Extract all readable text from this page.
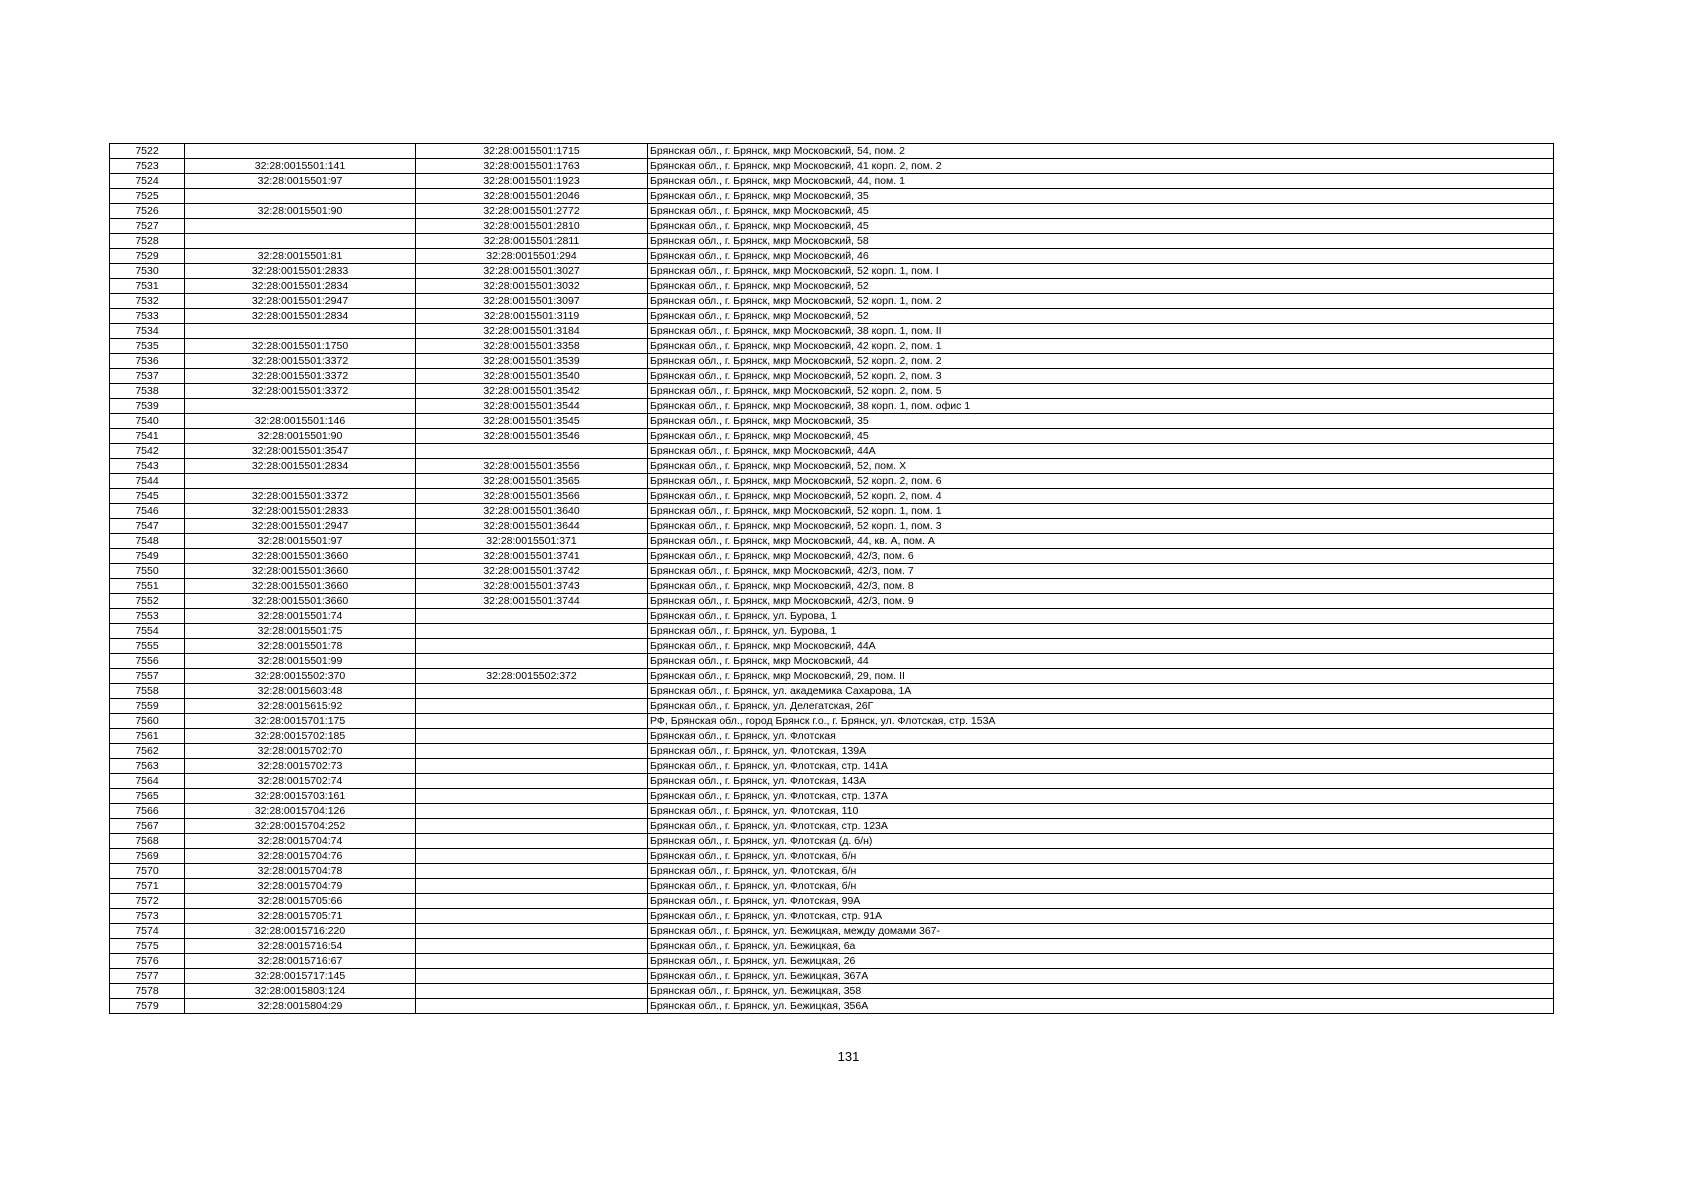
7522		32:28:0015501:1715	Брянская обл., г. Брянск, мкр Московский, 54, пом. 2
7523	32:28:0015501:141	32:28:0015501:1763	Брянская обл., г. Брянск, мкр Московский, 41 корп. 2, пом. 2
7524	32:28:0015501:97	32:28:0015501:1923	Брянская обл., г. Брянск, мкр Московский, 44, пом. 1
7525		32:28:0015501:2046	Брянская обл., г. Брянск, мкр Московский, 35
7526	32:28:0015501:90	32:28:0015501:2772	Брянская обл., г. Брянск, мкр Московский, 45
7527		32:28:0015501:2810	Брянская обл., г. Брянск, мкр Московский, 45
7528		32:28:0015501:2811	Брянская обл., г. Брянск, мкр Московский, 58
7529	32:28:0015501:81	32:28:0015501:294	Брянская обл., г. Брянск, мкр Московский, 46
7530	32:28:0015501:2833	32:28:0015501:3027	Брянская обл., г. Брянск, мкр Московский, 52 корп. 1, пом. I
7531	32:28:0015501:2834	32:28:0015501:3032	Брянская обл., г. Брянск, мкр Московский, 52
7532	32:28:0015501:2947	32:28:0015501:3097	Брянская обл., г. Брянск, мкр Московский, 52 корп. 1, пом. 2
7533	32:28:0015501:2834	32:28:0015501:3119	Брянская обл., г. Брянск, мкр Московский, 52
7534		32:28:0015501:3184	Брянская обл., г. Брянск, мкр Московский, 38 корп. 1, пом. II
7535	32:28:0015501:1750	32:28:0015501:3358	Брянская обл., г. Брянск, мкр Московский, 42 корп. 2, пом. 1
7536	32:28:0015501:3372	32:28:0015501:3539	Брянская обл., г. Брянск, мкр Московский, 52 корп. 2, пом. 2
7537	32:28:0015501:3372	32:28:0015501:3540	Брянская обл., г. Брянск, мкр Московский, 52 корп. 2, пом. 3
7538	32:28:0015501:3372	32:28:0015501:3542	Брянская обл., г. Брянск, мкр Московский, 52 корп. 2, пом. 5
7539		32:28:0015501:3544	Брянская обл., г. Брянск, мкр Московский, 38 корп. 1, пом. офис 1
7540	32:28:0015501:146	32:28:0015501:3545	Брянская обл., г. Брянск, мкр Московский, 35
7541	32:28:0015501:90	32:28:0015501:3546	Брянская обл., г. Брянск, мкр Московский, 45
7542	32:28:0015501:3547		Брянская обл., г. Брянск, мкр Московский, 44А
7543	32:28:0015501:2834	32:28:0015501:3556	Брянская обл., г. Брянск, мкр Московский, 52, пом. X
7544		32:28:0015501:3565	Брянская обл., г. Брянск, мкр Московский, 52 корп. 2, пом. 6
7545	32:28:0015501:3372	32:28:0015501:3566	Брянская обл., г. Брянск, мкр Московский, 52 корп. 2, пом. 4
7546	32:28:0015501:2833	32:28:0015501:3640	Брянская обл., г. Брянск, мкр Московский, 52 корп. 1, пом. 1
7547	32:28:0015501:2947	32:28:0015501:3644	Брянская обл., г. Брянск, мкр Московский, 52 корп. 1, пом. 3
7548	32:28:0015501:97	32:28:0015501:371	Брянская обл., г. Брянск, мкр Московский, 44, кв. А, пом. А
7549	32:28:0015501:3660	32:28:0015501:3741	Брянская обл., г. Брянск, мкр Московский, 42/3, пом. 6
7550	32:28:0015501:3660	32:28:0015501:3742	Брянская обл., г. Брянск, мкр Московский, 42/3, пом. 7
7551	32:28:0015501:3660	32:28:0015501:3743	Брянская обл., г. Брянск, мкр Московский, 42/3, пом. 8
7552	32:28:0015501:3660	32:28:0015501:3744	Брянская обл., г. Брянск, мкр Московский, 42/3, пом. 9
7553	32:28:0015501:74		Брянская обл., г. Брянск, ул. Бурова, 1
7554	32:28:0015501:75		Брянская обл., г. Брянск, ул. Бурова, 1
7555	32:28:0015501:78		Брянская обл., г. Брянск, мкр Московский, 44А
7556	32:28:0015501:99		Брянская обл., г. Брянск, мкр Московский, 44
7557	32:28:0015502:370	32:28:0015502:372	Брянская обл., г. Брянск, мкр Московский, 29, пом. II
7558	32:28:0015603:48		Брянская обл., г. Брянск, ул. академика Сахарова, 1А
7559	32:28:0015615:92		Брянская обл., г. Брянск, ул. Делегатская, 26Г
7560	32:28:0015701:175		РФ, Брянская обл., город Брянск г.о., г. Брянск, ул. Флотская, стр. 153А
7561	32:28:0015702:185		Брянская обл., г. Брянск, ул. Флотская
7562	32:28:0015702:70		Брянская обл., г. Брянск, ул. Флотская, 139А
7563	32:28:0015702:73		Брянская обл., г. Брянск, ул. Флотская, стр. 141А
7564	32:28:0015702:74		Брянская обл., г. Брянск, ул. Флотская, 143А
7565	32:28:0015703:161		Брянская обл., г. Брянск, ул. Флотская, стр. 137А
7566	32:28:0015704:126		Брянская обл., г. Брянск, ул. Флотская, 110
7567	32:28:0015704:252		Брянская обл., г. Брянск, ул. Флотская, стр. 123А
7568	32:28:0015704:74		Брянская обл., г. Брянск, ул. Флотская (д. б/н)
7569	32:28:0015704:76		Брянская обл., г. Брянск, ул. Флотская, б/н
7570	32:28:0015704:78		Брянская обл., г. Брянск, ул. Флотская, б/н
7571	32:28:0015704:79		Брянская обл., г. Брянск, ул. Флотская, б/н
7572	32:28:0015705:66		Брянская обл., г. Брянск, ул. Флотская, 99А
7573	32:28:0015705:71		Брянская обл., г. Брянск, ул. Флотская, стр. 91А
7574	32:28:0015716:220		Брянская обл., г. Брянск, ул. Бежицкая, между домами 367-
7575	32:28:0015716:54		Брянская обл., г. Брянск, ул. Бежицкая, 6а
7576	32:28:0015716:67		Брянская обл., г. Брянск, ул. Бежицкая, 26
7577	32:28:0015717:145		Брянская обл., г. Брянск, ул. Бежицкая, 367А
7578	32:28:0015803:124		Брянская обл., г. Брянск, ул. Бежицкая, 358
7579	32:28:0015804:29		Брянская обл., г. Брянск, ул. Бежицкая, 356А
131
